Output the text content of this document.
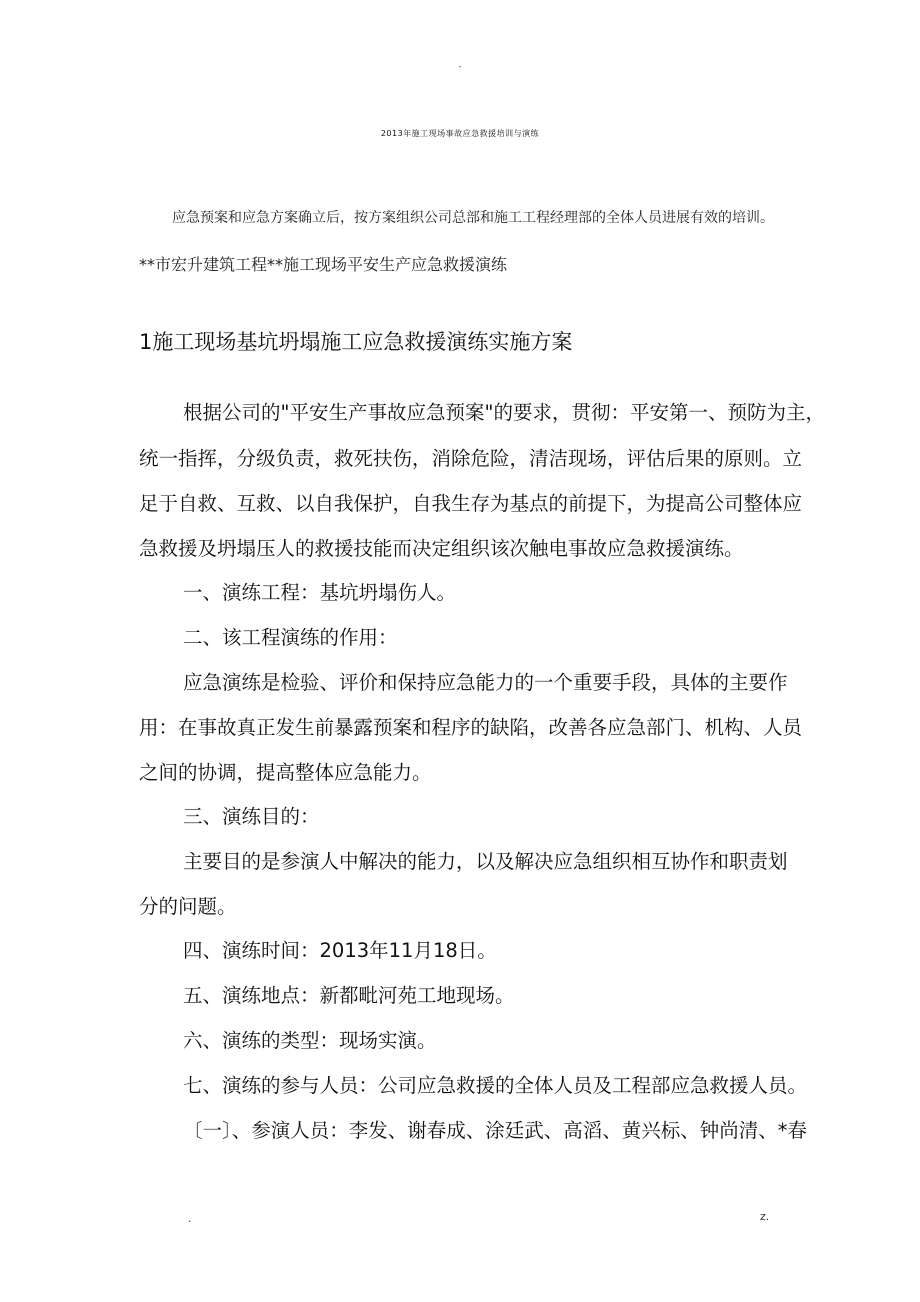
-
2013年施工现场事故应急救援培训与演练
应急预案和应急方案确立后，按方案组织公司总部和施工工程经理部的全体人员进展有效的培训。
**市宏升建筑工程**施工现场平安生产应急救援演练
1施工现场基坑坍塌施工应急救援演练实施方案
根据公司的"平安生产事故应急预案"的要求，贯彻：平安第一、预防为主，
统一指挥，分级负责，救死扶伤，消除危险，清洁现场，评估后果的原则。立
足于自救、互救、以自我保护，自我生存为基点的前提下，为提高公司整体应
急救援及坍塌压人的救援技能而决定组织该次触电事故应急救援演练。
一、演练工程：基坑坍塌伤人。
二、该工程演练的作用：
应急演练是检验、评价和保持应急能力的一个重要手段，具体的主要作
用：在事故真正发生前暴露预案和程序的缺陷，改善各应急部门、机构、人员
之间的协调，提高整体应急能力。
三、演练目的：
主要目的是参演人中解决的能力，以及解决应急组织相互协作和职责划
分的问题。
四、演练时间：2013年11月18日。
五、演练地点：新都毗河苑工地现场。
六、演练的类型：现场实演。
七、演练的参与人员：公司应急救援的全体人员及工程部应急救援人员。
〔一〕、参演人员：李发、谢春成、涂廷武、高滔、黄兴标、钟尚清、*春
.	z.
